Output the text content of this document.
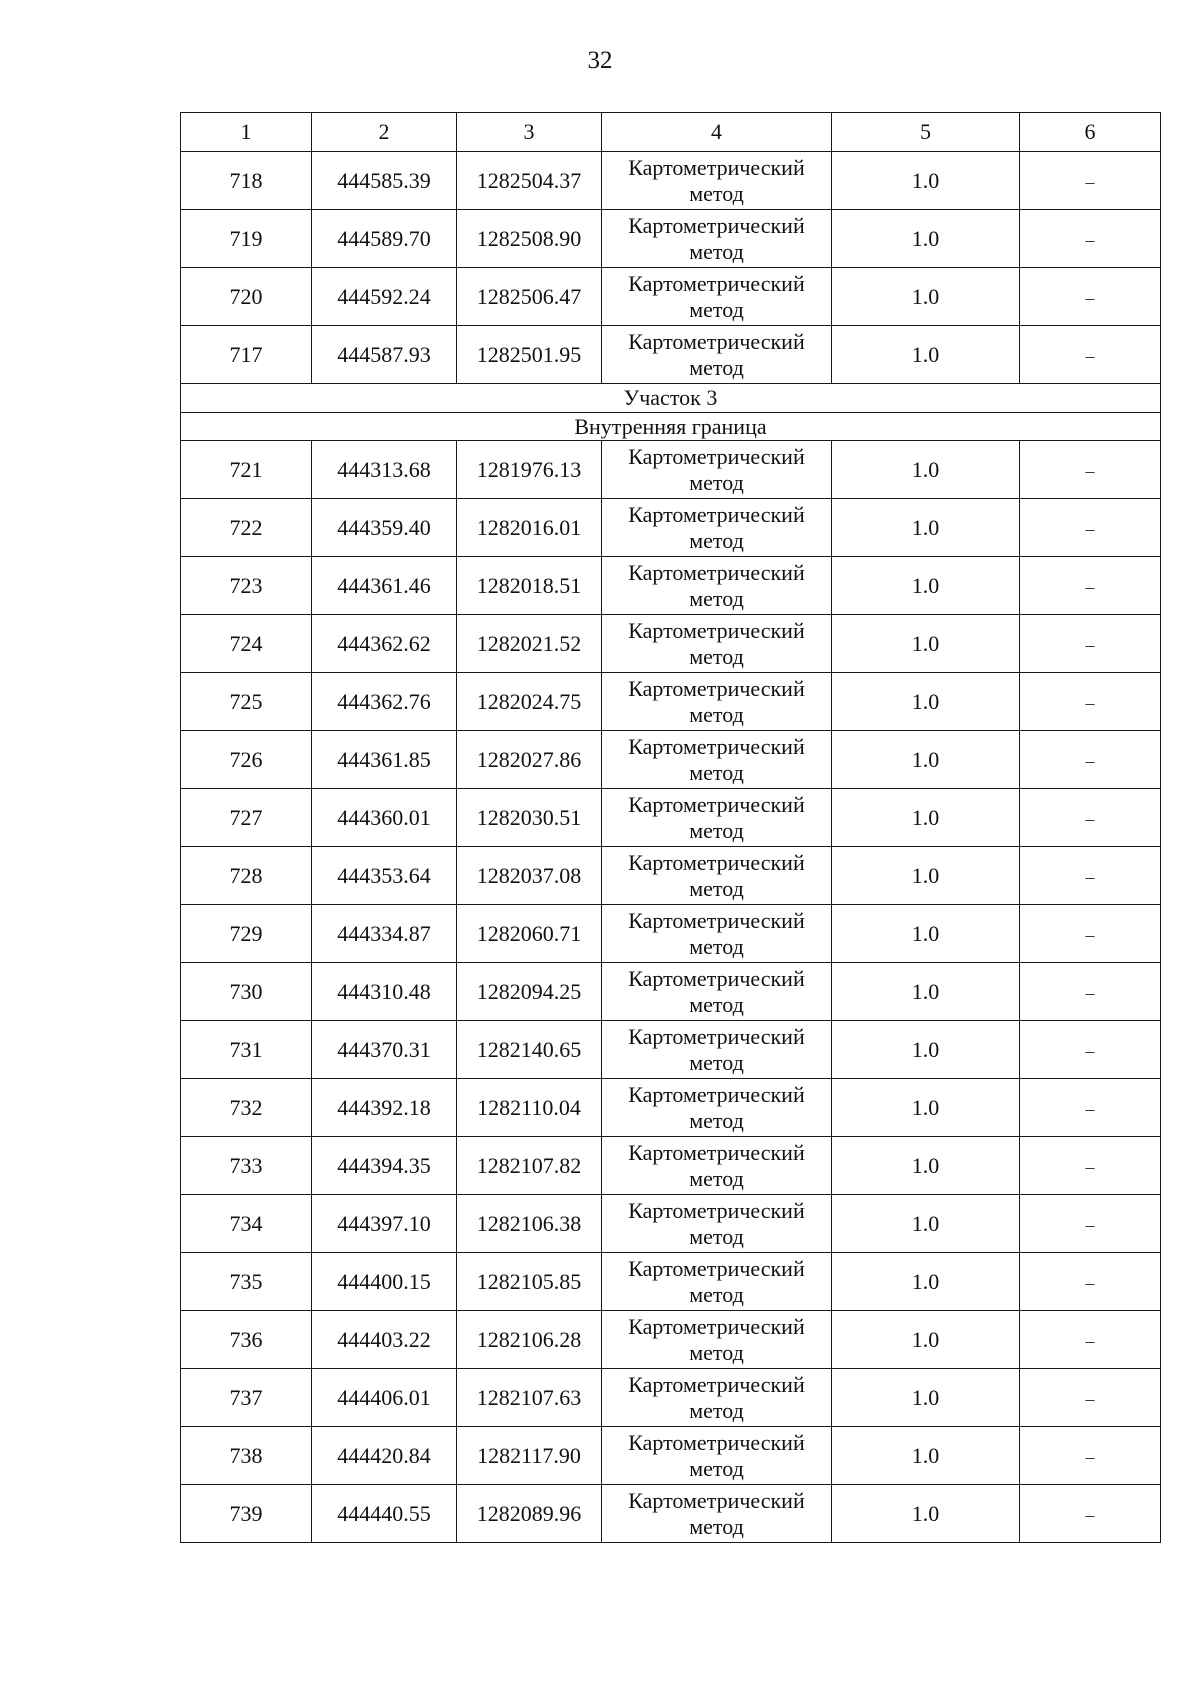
32
1	2	3	4	5	6
718	444585.39	1282504.37	Картометрический метод	1.0	–
719	444589.70	1282508.90	Картометрический метод	1.0	–
720	444592.24	1282506.47	Картометрический метод	1.0	–
717	444587.93	1282501.95	Картометрический метод	1.0	–
Участок 3					
Внутренняя граница					
721	444313.68	1281976.13	Картометрический метод	1.0	–
722	444359.40	1282016.01	Картометрический метод	1.0	–
723	444361.46	1282018.51	Картометрический метод	1.0	–
724	444362.62	1282021.52	Картометрический метод	1.0	–
725	444362.76	1282024.75	Картометрический метод	1.0	–
726	444361.85	1282027.86	Картометрический метод	1.0	–
727	444360.01	1282030.51	Картометрический метод	1.0	–
728	444353.64	1282037.08	Картометрический метод	1.0	–
729	444334.87	1282060.71	Картометрический метод	1.0	–
730	444310.48	1282094.25	Картометрический метод	1.0	–
731	444370.31	1282140.65	Картометрический метод	1.0	–
732	444392.18	1282110.04	Картометрический метод	1.0	–
733	444394.35	1282107.82	Картометрический метод	1.0	–
734	444397.10	1282106.38	Картометрический метод	1.0	–
735	444400.15	1282105.85	Картометрический метод	1.0	–
736	444403.22	1282106.28	Картометрический метод	1.0	–
737	444406.01	1282107.63	Картометрический метод	1.0	–
738	444420.84	1282117.90	Картометрический метод	1.0	–
739	444440.55	1282089.96	Картометрический метод	1.0	–
